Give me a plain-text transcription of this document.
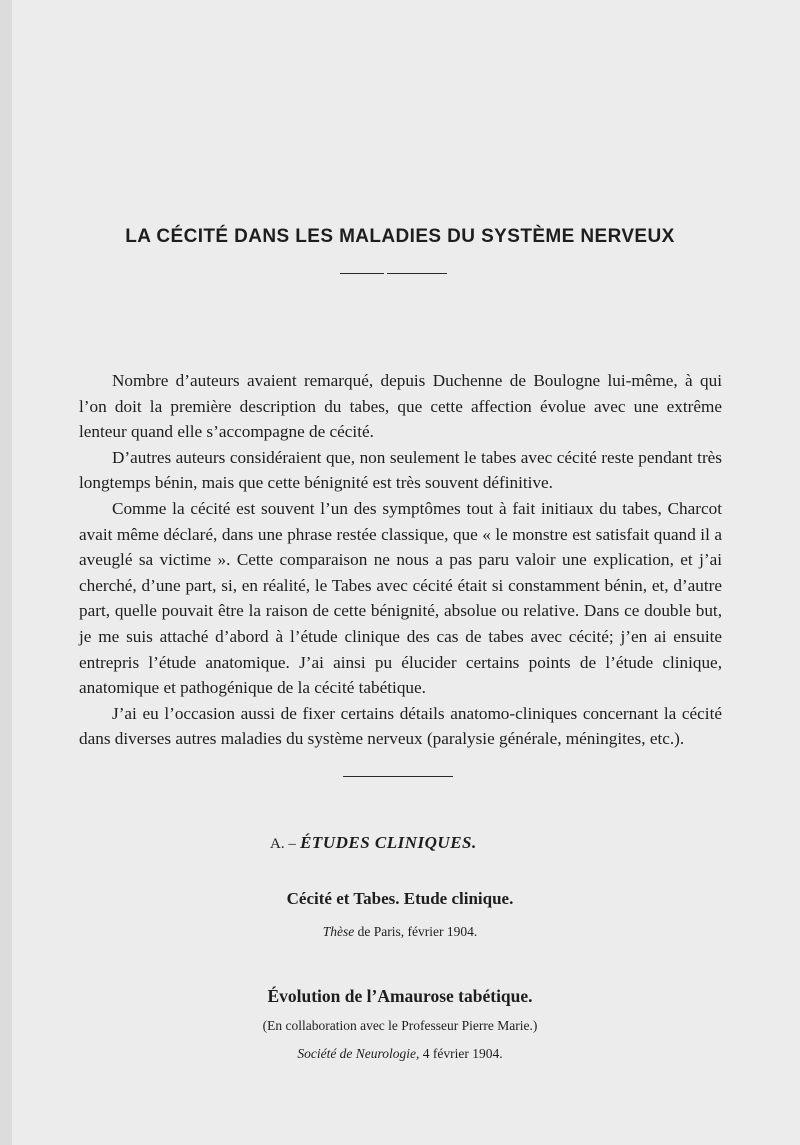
LA CÉCITÉ DANS LES MALADIES DU SYSTÈME NERVEUX

Nombre d’auteurs avaient remarqué, depuis Duchenne de Boulogne lui-même, à qui l’on doit la première description du tabes, que cette affection évolue avec une extrême lenteur quand elle s’accompagne de cécité.

D’autres auteurs considéraient que, non seulement le tabes avec cécité reste pendant très longtemps bénin, mais que cette bénignité est très souvent définitive.

Comme la cécité est souvent l’un des symptômes tout à fait initiaux du tabes, Charcot avait même déclaré, dans une phrase restée classique, que « le monstre est satisfait quand il a aveuglé sa victime ». Cette comparaison ne nous a pas paru valoir une explication, et j’ai cherché, d’une part, si, en réalité, le Tabes avec cécité était si constamment bénin, et, d’autre part, quelle pouvait être la raison de cette bénignité, absolue ou relative. Dans ce double but, je me suis attaché d’abord à l’étude clinique des cas de tabes avec cécité; j’en ai ensuite entrepris l’étude anatomique. J’ai ainsi pu élucider certains points de l’étude clinique, anatomique et pathogénique de la cécité tabétique.

J’ai eu l’occasion aussi de fixer certains détails anatomo-cliniques concernant la cécité dans diverses autres maladies du système nerveux (paralysie générale, méningites, etc.).

A. – ÉTUDES CLINIQUES.
Cécité et Tabes. Etude clinique.

Thèse de Paris, février 1904.

Évolution de l’Amaurose tabétique.

(En collaboration avec le Professeur Pierre Marie.)

Société de Neurologie, 4 février 1904.
